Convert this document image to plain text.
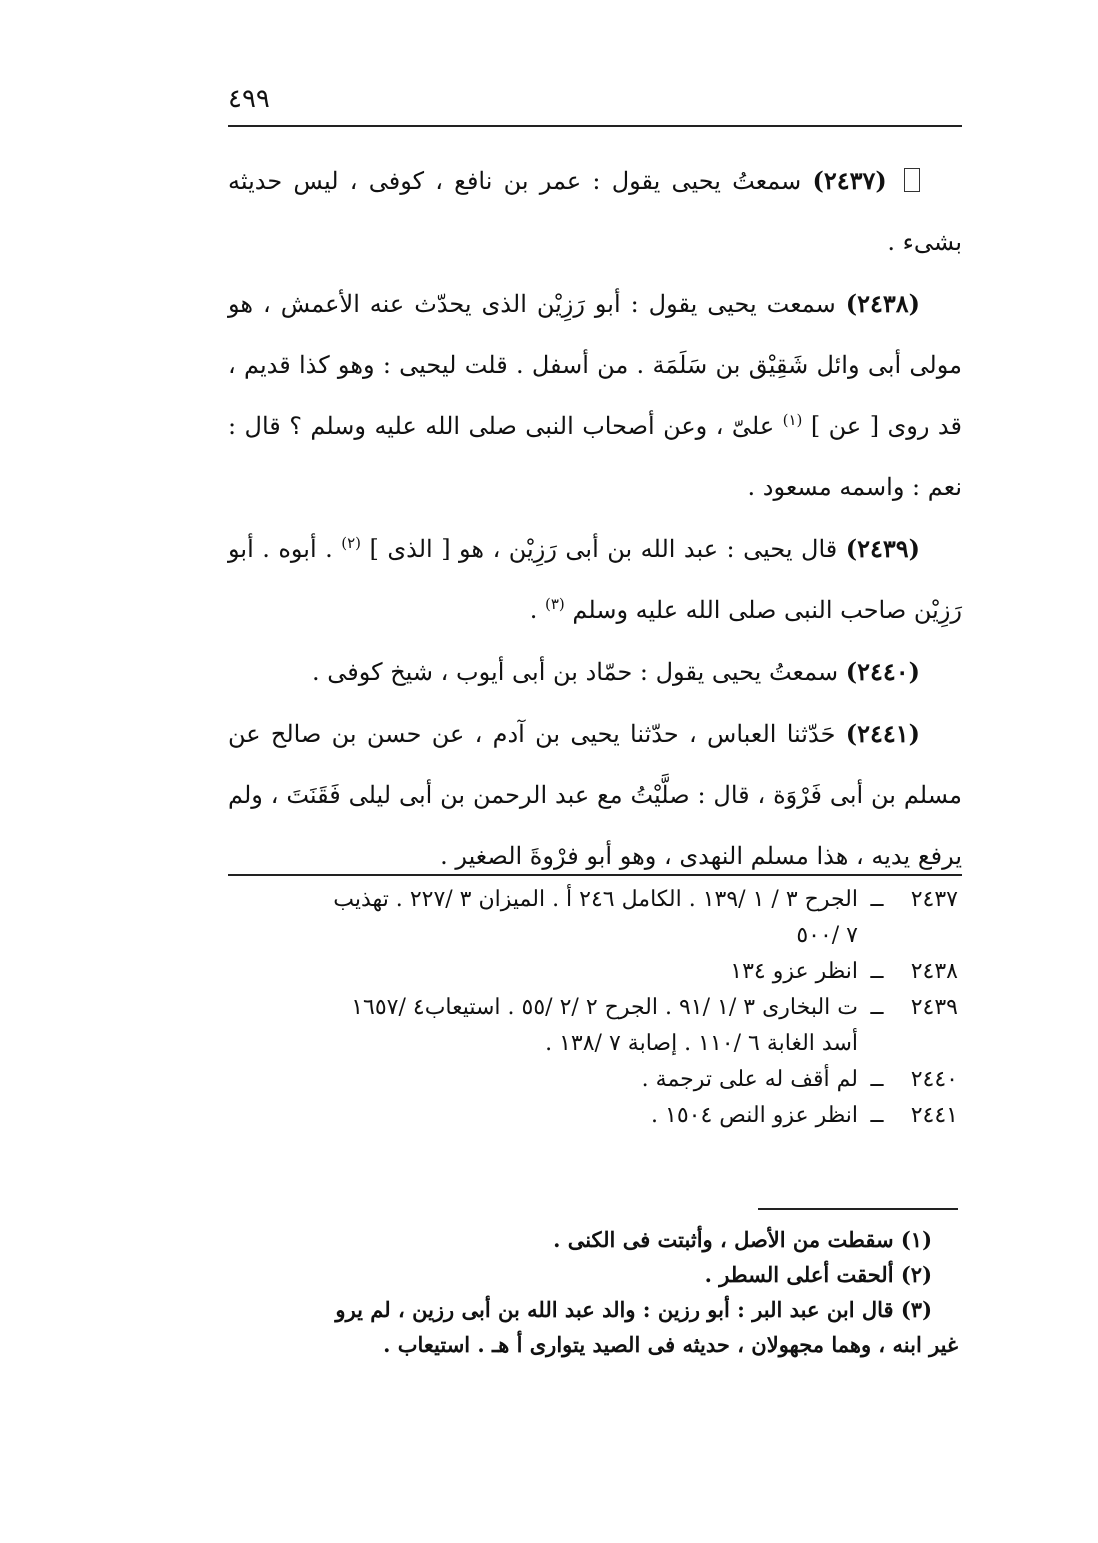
٤٩٩

(٢٤٣٧) سمعتُ يحيى يقول : عمر بن نافع ، كوفى ، ليس حديثه بشىء .

(٢٤٣٨) سمعت يحيى يقول : أبو رَزِيْن الذى يحدّث عنه الأعمش ، هو مولى أبى وائل شَقِيْق بن سَلَمَة . من أسفل . قلت ليحيى : وهو كذا قديم ، قد روى [ عن ] $^{(١)}$ علىّ ، وعن أصحاب النبى صلى الله عليه وسلم ؟ قال : نعم : واسمه مسعود .

(٢٤٣٩) قال يحيى : عبد الله بن أبى رَزِيْن ، هو [ الذى ] $^{(٢)}$ . أبوه . أبو رَزِيْن صاحب النبى صلى الله عليه وسلم $^{(٣)}$ .

(٢٤٤٠) سمعتُ يحيى يقول : حمّاد بن أبى أيوب ، شيخ كوفى .

(٢٤٤١) حَدّثنا العباس ، حدّثنا يحيى بن آدم ، عن حسن بن صالح عن مسلم بن أبى فَرْوَة ، قال : صلَّيْتُ مع عبد الرحمن بن أبى ليلى فَقَنَتَ ، ولم يرفع يديه ، هذا مسلم النهدى ، وهو أبو فرْوةَ الصغير .

٢٤٣٧
ــ
الجرح ٣ / ١ /١٣٩ . الكامل ٢٤٦ أ . الميزان ٣ /٢٢٧ . تهذيب
٧ /٥٠٠
٢٤٣٨
ــ
انظر عزو ١٣٤
٢٤٣٩
ــ
ت البخارى ٣ /١ /٩١ . الجرح ٢ /٢ /٥٥ . استيعاب٤ /١٦٥٧
أسد الغابة ٦ /١١٠ . إصابة ٧ /١٣٨ .
٢٤٤٠
ــ
لم أقف له على ترجمة .
٢٤٤١
ــ
انظر عزو النص ١٥٠٤ .

(١) سقطت من الأصل ، وأثبتت فى الكنى .

(٢) ألحقت أعلى السطر .

(٣) قال ابن عبد البر : أبو رزين : والد عبد الله بن أبى رزين ، لم يرو

غير ابنه ، وهما مجهولان ، حديثه فى الصيد يتوارى أ هـ . استيعاب .
